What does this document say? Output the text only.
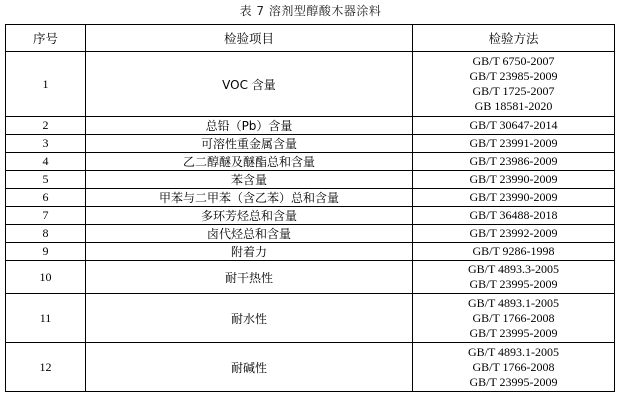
表 7 溶剂型醇酸木器涂料
序号	检验项目	检验方法
1	VOC 含量	GB/T 6750-2007
GB/T 23985-2009
GB/T 1725-2007
GB 18581-2020

2	总铅（Pb）含量	GB/T 30647-2014

3	可溶性重金属含量	GB/T 23991-2009

4	乙二醇醚及醚酯总和含量	GB/T 23986-2009

5	苯含量	GB/T 23990-2009

6	甲苯与二甲苯（含乙苯）总和含量	GB/T 23990-2009

7	多环芳烃总和含量	GB/T 36488-2018

8	卤代烃总和含量	GB/T 23992-2009

9	附着力	GB/T 9286-1998

10	耐干热性	GB/T 4893.3-2005
GB/T 23995-2009

11	耐水性	GB/T 4893.1-2005
GB/T 1766-2008
GB/T 23995-2009

12	耐碱性	GB/T 4893.1-2005
GB/T 1766-2008
GB/T 23995-2009
